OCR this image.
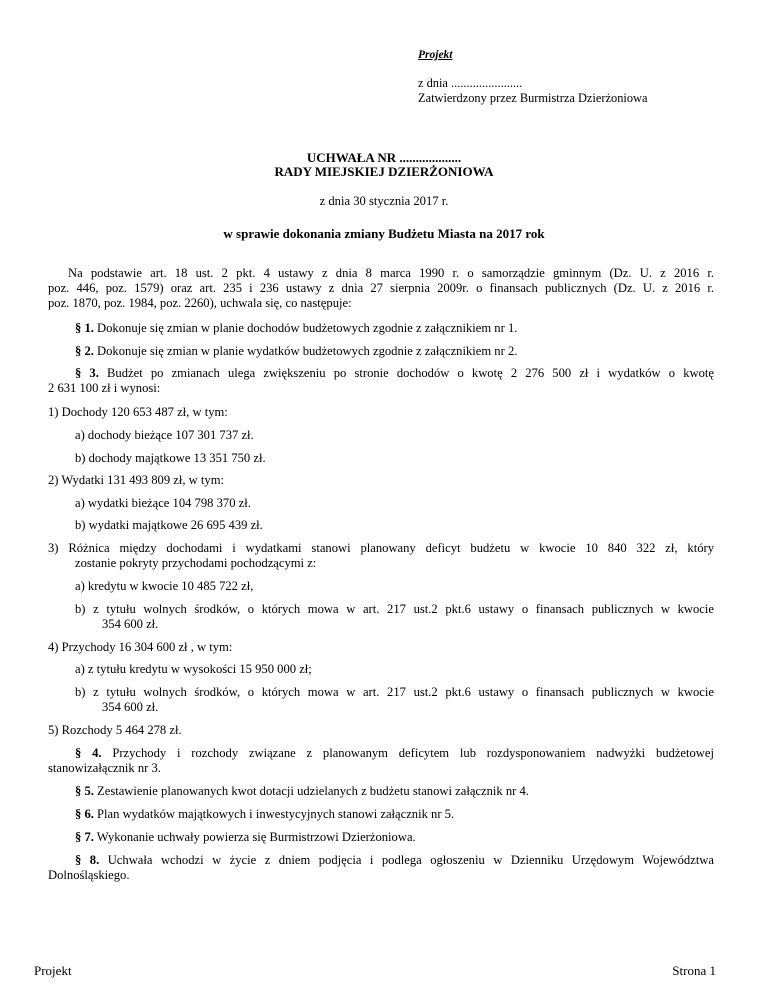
Projekt
z dnia .......................
Zatwierdzony przez Burmistrza Dzierżoniowa
UCHWAŁA NR ...................
RADY MIEJSKIEJ DZIERŻONIOWA
z dnia 30 stycznia 2017 r.
w sprawie dokonania zmiany Budżetu Miasta na 2017 rok
Na podstawie art. 18 ust. 2 pkt. 4 ustawy z dnia 8 marca 1990 r. o samorządzie gminnym (Dz. U. z 2016 r.
poz. 446, poz. 1579) oraz art. 235 i 236 ustawy z dnia 27 sierpnia 2009r. o finansach publicznych (Dz. U. z 2016 r.
poz. 1870, poz. 1984, poz. 2260), uchwala się, co następuje:
§ 1. Dokonuje się zmian w planie dochodów budżetowych zgodnie z załącznikiem nr 1.
§ 2. Dokonuje się zmian w planie wydatków budżetowych zgodnie z załącznikiem nr 2.
§ 3. Budżet po zmianach ulega zwiększeniu po stronie dochodów o kwotę 2 276 500 zł i wydatków o kwotę
2 631 100 zł i wynosi:
1) Dochody 120 653 487 zł, w tym:
a) dochody bieżące 107 301 737 zł.
b) dochody majątkowe 13 351 750 zł.
2) Wydatki 131 493 809 zł, w tym:
a) wydatki bieżące 104 798 370 zł.
b) wydatki majątkowe 26 695 439 zł.
3) Różnica między dochodami i wydatkami stanowi planowany deficyt budżetu w kwocie 10 840 322 zł, który
zostanie pokryty przychodami pochodzącymi z:
a) kredytu w kwocie 10 485 722 zł,
b) z tytułu wolnych środków, o których mowa w art. 217 ust.2 pkt.6 ustawy o finansach publicznych w kwocie
354 600 zł.
4) Przychody 16 304 600 zł , w tym:
a) z tytułu kredytu w wysokości 15 950 000 zł;
b) z tytułu wolnych środków, o których mowa w art. 217 ust.2 pkt.6 ustawy o finansach publicznych w kwocie
354 600 zł.
5) Rozchody 5 464 278 zł.
§ 4. Przychody i rozchody związane z planowanym deficytem lub rozdysponowaniem nadwyżki budżetowej
stanowizałącznik nr 3.
§ 5. Zestawienie planowanych kwot dotacji udzielanych z budżetu stanowi załącznik nr 4.
§ 6. Plan wydatków majątkowych i inwestycyjnych stanowi załącznik nr 5.
§ 7. Wykonanie uchwały powierza się Burmistrzowi Dzierżoniowa.
§ 8. Uchwała wchodzi w życie z dniem podjęcia i podlega ogłoszeniu w Dzienniku Urzędowym Województwa
Dolnośląskiego.
Projekt	Strona 1
